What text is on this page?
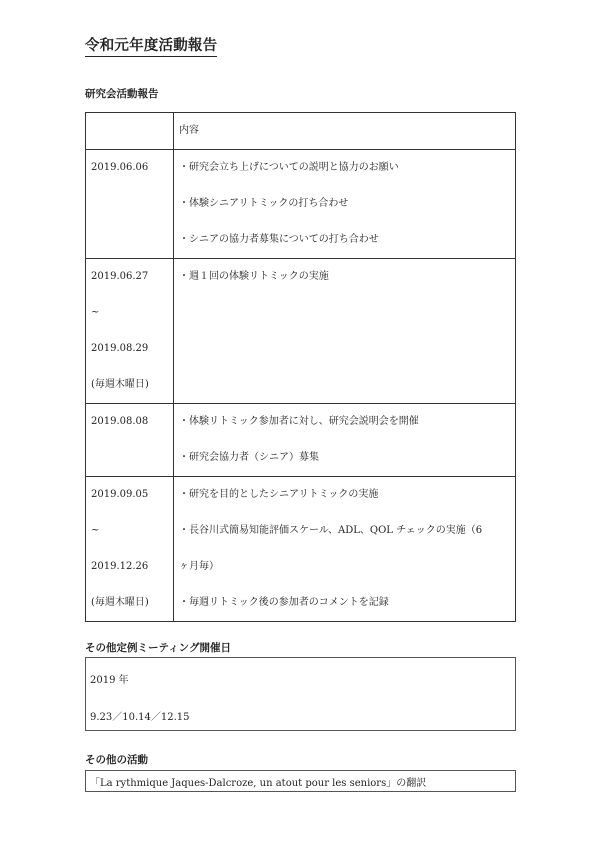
令和元年度活動報告
研究会活動報告

	内容

2019.06.06	・研究会立ち上げについての説明と協力のお願い
・体験シニアリトミックの打ち合わせ
・シニアの協力者募集についての打ち合わせ

2019.06.27
~
2019.08.29
(毎週木曜日)	・週１回の体験リトミックの実施

2019.08.08	・体験リトミック参加者に対し、研究会説明会を開催
・研究会協力者（シニア）募集

2019.09.05
~
2019.12.26
(毎週木曜日)	・研究を目的としたシニアリトミックの実施
・長谷川式簡易知能評価スケール、ADL、QOL チェックの実施（6
ヶ月毎）
・毎週リトミック後の参加者のコメントを記録
その他定例ミーティング開催日
2019 年
9.23／10.14／12.15
その他の活動
「La rythmique Jaques-Dalcroze, un atout pour les seniors」の翻訳
